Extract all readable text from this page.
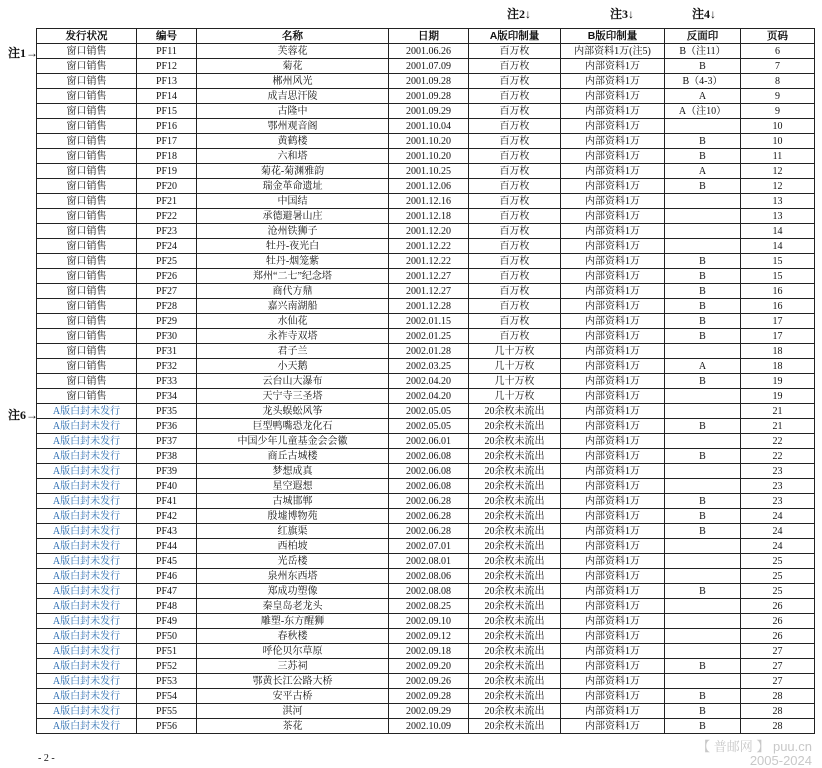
注2↓	注3↓	注4↓
注1→
注6→
发行状况	编号	名称	日期	A版印制量	B版印制量	反面印	页码
窗口销售	PF11	芙蓉花	2001.06.26	百万枚	内部资料1万(注5)	B（注11）	6
窗口销售	PF12	菊花	2001.07.09	百万枚	内部资料1万	B	7
窗口销售	PF13	郴州风光	2001.09.28	百万枚	内部资料1万	B（4-3）	8
窗口销售	PF14	成吉思汗陵	2001.09.28	百万枚	内部资料1万	A	9
窗口销售	PF15	古隆中	2001.09.29	百万枚	内部资料1万	A（注10）	9
窗口销售	PF16	鄂州观音阁	2001.10.04	百万枚	内部资料1万		10
窗口销售	PF17	黄鹤楼	2001.10.20	百万枚	内部资料1万	B	10
窗口销售	PF18	六和塔	2001.10.20	百万枚	内部资料1万	B	11
窗口销售	PF19	菊花-菊渊雅韵	2001.10.25	百万枚	内部资料1万	A	12
窗口销售	PF20	瑞金革命遗址	2001.12.06	百万枚	内部资料1万	B	12
窗口销售	PF21	中国结	2001.12.16	百万枚	内部资料1万		13
窗口销售	PF22	承德避暑山庄	2001.12.18	百万枚	内部资料1万		13
窗口销售	PF23	沧州铁狮子	2001.12.20	百万枚	内部资料1万		14
窗口销售	PF24	牡丹-夜光白	2001.12.22	百万枚	内部资料1万		14
窗口销售	PF25	牡丹-烟笼紫	2001.12.22	百万枚	内部资料1万	B	15
窗口销售	PF26	郑州“二七”纪念塔	2001.12.27	百万枚	内部资料1万	B	15
窗口销售	PF27	商代方鼎	2001.12.27	百万枚	内部资料1万	B	16
窗口销售	PF28	嘉兴南湖船	2001.12.28	百万枚	内部资料1万	B	16
窗口销售	PF29	水仙花	2002.01.15	百万枚	内部资料1万	B	17
窗口销售	PF30	永祚寺双塔	2002.01.25	百万枚	内部资料1万	B	17
窗口销售	PF31	君子兰	2002.01.28	几十万枚	内部资料1万		18
窗口销售	PF32	小天鹅	2002.03.25	几十万枚	内部资料1万	A	18
窗口销售	PF33	云台山大瀑布	2002.04.20	几十万枚	内部资料1万	B	19
窗口销售	PF34	天宁寺三圣塔	2002.04.20	几十万枚	内部资料1万		19
A版白封未发行	PF35	龙头蜈蚣风筝	2002.05.05	20余枚未流出	内部资料1万		21
A版白封未发行	PF36	巨型鸭嘴恐龙化石	2002.05.05	20余枚未流出	内部资料1万	B	21
A版白封未发行	PF37	中国少年儿童基金会会徽	2002.06.01	20余枚未流出	内部资料1万		22
A版白封未发行	PF38	商丘古城楼	2002.06.08	20余枚未流出	内部资料1万	B	22
A版白封未发行	PF39	梦想成真	2002.06.08	20余枚未流出	内部资料1万		23
A版白封未发行	PF40	星空遐想	2002.06.08	20余枚未流出	内部资料1万		23
A版白封未发行	PF41	古城邯郸	2002.06.28	20余枚未流出	内部资料1万	B	23
A版白封未发行	PF42	殷墟博物苑	2002.06.28	20余枚未流出	内部资料1万	B	24
A版白封未发行	PF43	红旗渠	2002.06.28	20余枚未流出	内部资料1万	B	24
A版白封未发行	PF44	西柏坡	2002.07.01	20余枚未流出	内部资料1万		24
A版白封未发行	PF45	光岳楼	2002.08.01	20余枚未流出	内部资料1万		25
A版白封未发行	PF46	泉州东西塔	2002.08.06	20余枚未流出	内部资料1万		25
A版白封未发行	PF47	郑成功塑像	2002.08.08	20余枚未流出	内部资料1万	B	25
A版白封未发行	PF48	秦皇岛老龙头	2002.08.25	20余枚未流出	内部资料1万		26
A版白封未发行	PF49	雕塑-东方醒狮	2002.09.10	20余枚未流出	内部资料1万		26
A版白封未发行	PF50	春秋楼	2002.09.12	20余枚未流出	内部资料1万		26
A版白封未发行	PF51	呼伦贝尔草原	2002.09.18	20余枚未流出	内部资料1万		27
A版白封未发行	PF52	三苏祠	2002.09.20	20余枚未流出	内部资料1万	B	27
A版白封未发行	PF53	鄂黄长江公路大桥	2002.09.26	20余枚未流出	内部资料1万		27
A版白封未发行	PF54	安平古桥	2002.09.28	20余枚未流出	内部资料1万	B	28
A版白封未发行	PF55	淇河	2002.09.29	20余枚未流出	内部资料1万	B	28
A版白封未发行	PF56	茶花	2002.10.09	20余枚未流出	内部资料1万	B	28
- 2 -
【 普邮网 】 puu.cn
2005-2024
